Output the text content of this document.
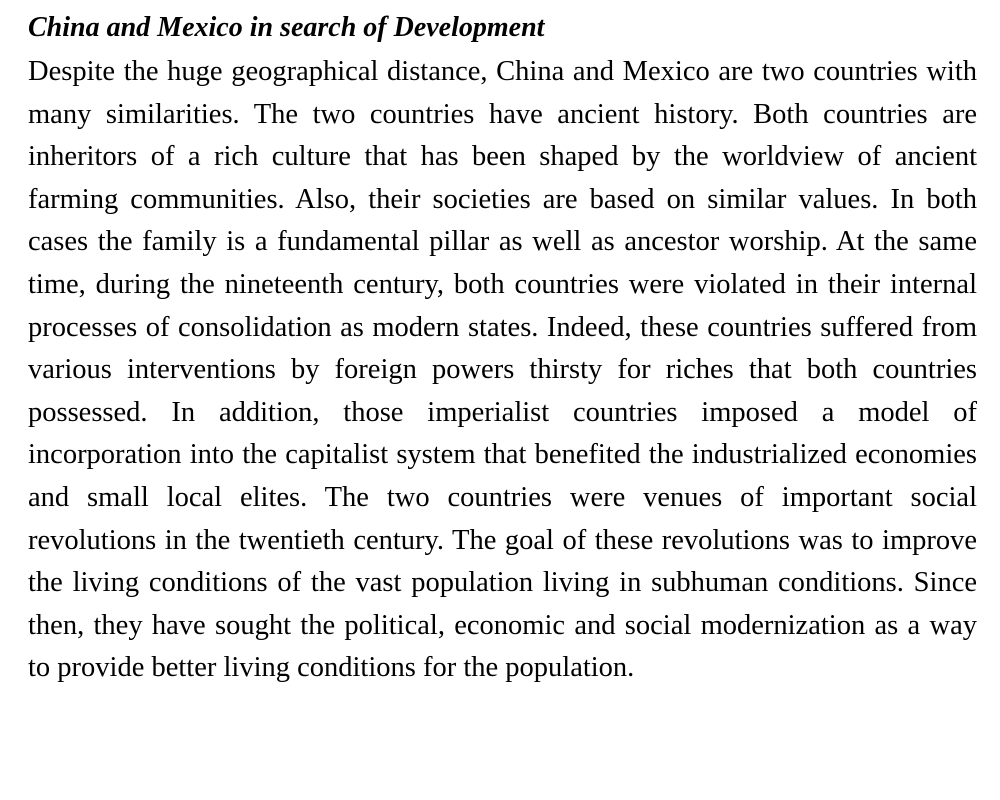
China and Mexico in search of Development

Despite the huge geographical distance, China and Mexico are two countries with many similarities. The two countries have ancient history. Both countries are inheritors of a rich culture that has been shaped by the worldview of ancient farming communities. Also, their societies are based on similar values. In both cases the family is a fundamental pillar as well as ancestor worship. At the same time, during the nineteenth century, both countries were violated in their internal processes of consolidation as modern states. Indeed, these countries suffered from various interventions by foreign powers thirsty for riches that both countries possessed. In addition, those imperialist countries imposed a model of incorporation into the capitalist system that benefited the industrialized economies and small local elites. The two countries were venues of important social revolutions in the twentieth century. The goal of these revolutions was to improve the living conditions of the vast population living in subhuman conditions. Since then, they have sought the political, economic and social modernization as a way to provide better living conditions for the population.
